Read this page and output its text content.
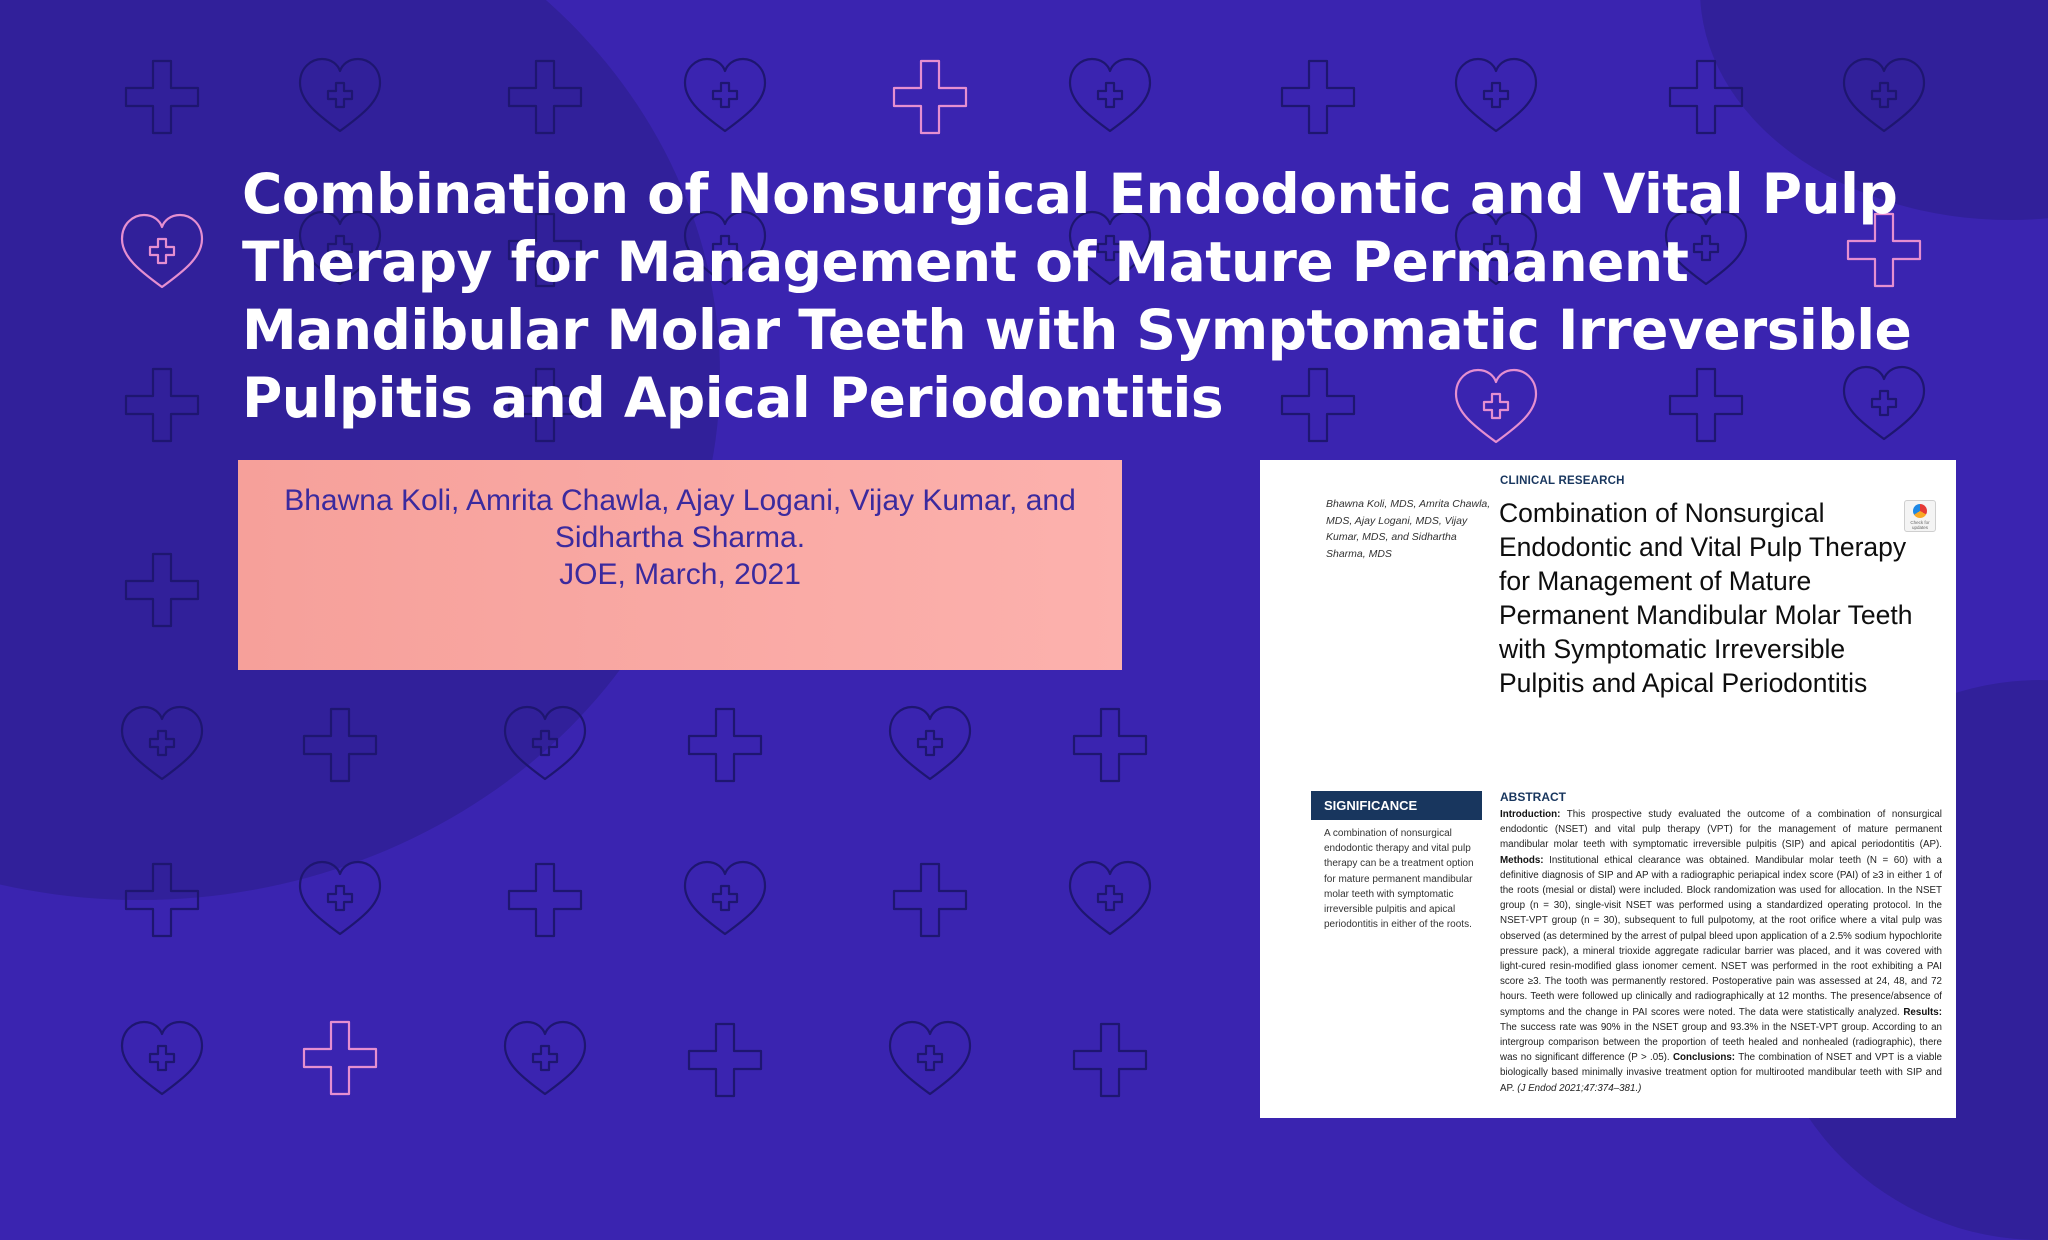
Combination of Nonsurgical Endodontic and Vital Pulp Therapy for Management of Mature Permanent Mandibular Molar Teeth with Symptomatic Irreversible Pulpitis and Apical Periodontitis
Bhawna Koli, Amrita Chawla, Ajay Logani, Vijay Kumar, and
Sidhartha Sharma.
JOE, March, 2021
Bhawna Koli, MDS, Amrita Chawla, MDS, Ajay Logani, MDS, Vijay Kumar, MDS, and Sidhartha Sharma, MDS
CLINICAL RESEARCH
Combination of Nonsurgical Endodontic and Vital Pulp Therapy for Management of Mature Permanent Mandibular Molar Teeth with Symptomatic Irreversible Pulpitis and Apical Periodontitis
Check for updates
SIGNIFICANCE
A combination of nonsurgical endodontic therapy and vital pulp therapy can be a treatment option for mature permanent mandibular molar teeth with symptomatic irreversible pulpitis and apical periodontitis in either of the roots.
ABSTRACT
Introduction: This prospective study evaluated the outcome of a combination of nonsurgical endodontic (NSET) and vital pulp therapy (VPT) for the management of mature permanent mandibular molar teeth with symptomatic irreversible pulpitis (SIP) and apical periodontitis (AP). Methods: Institutional ethical clearance was obtained. Mandibular molar teeth (N = 60) with a definitive diagnosis of SIP and AP with a radiographic periapical index score (PAI) of ≥3 in either 1 of the roots (mesial or distal) were included. Block randomization was used for allocation. In the NSET group (n = 30), single-visit NSET was performed using a standardized operating protocol. In the NSET-VPT group (n = 30), subsequent to full pulpotomy, at the root orifice where a vital pulp was observed (as determined by the arrest of pulpal bleed upon application of a 2.5% sodium hypochlorite pressure pack), a mineral trioxide aggregate radicular barrier was placed, and it was covered with light-cured resin-modified glass ionomer cement. NSET was performed in the root exhibiting a PAI score ≥3. The tooth was permanently restored. Postoperative pain was assessed at 24, 48, and 72 hours. Teeth were followed up clinically and radiographically at 12 months. The presence/absence of symptoms and the change in PAI scores were noted. The data were statistically analyzed. Results: The success rate was 90% in the NSET group and 93.3% in the NSET-VPT group. According to an intergroup comparison between the proportion of teeth healed and nonhealed (radiographic), there was no significant difference (P > .05). Conclusions: The combination of NSET and VPT is a viable biologically based minimally invasive treatment option for multirooted mandibular teeth with SIP and AP. (J Endod 2021;47:374–381.)
